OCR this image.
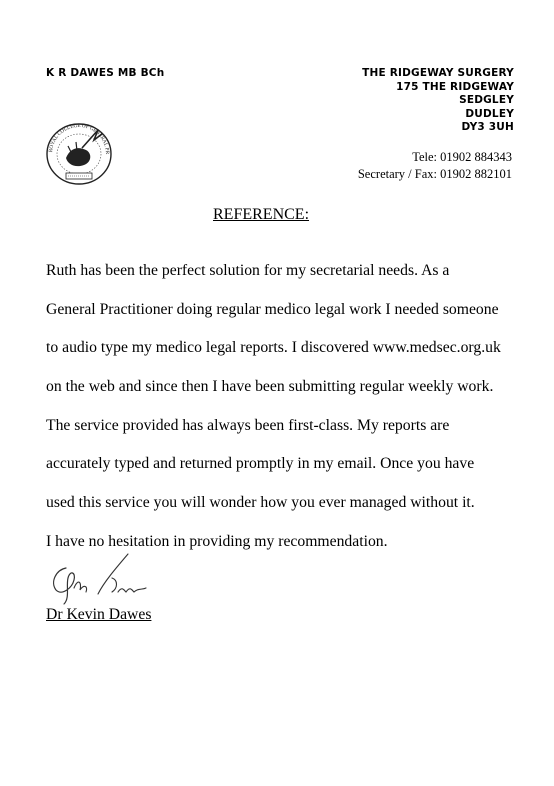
K R DAWES MB BCh	THE RIDGEWAY SURGERY
175 THE RIDGEWAY
SEDGLEY
DUDLEY
DY3 3UH
ROYAL COLLEGE OF GENERAL PR	Tele: 01902 884343
Secretary / Fax: 01902 882101
REFERENCE:
Ruth has been the perfect solution for my secretarial needs. As a
General Practitioner doing regular medico legal work I needed someone
to audio type my medico legal reports. I discovered www.medsec.org.uk
on the web and since then I have been submitting regular weekly work.
The service provided has always been first-class. My reports are
accurately typed and returned promptly in my email. Once you have
used this service you will wonder how you ever managed without it.
I have no hesitation in providing my recommendation.
Dr Kevin Dawes
